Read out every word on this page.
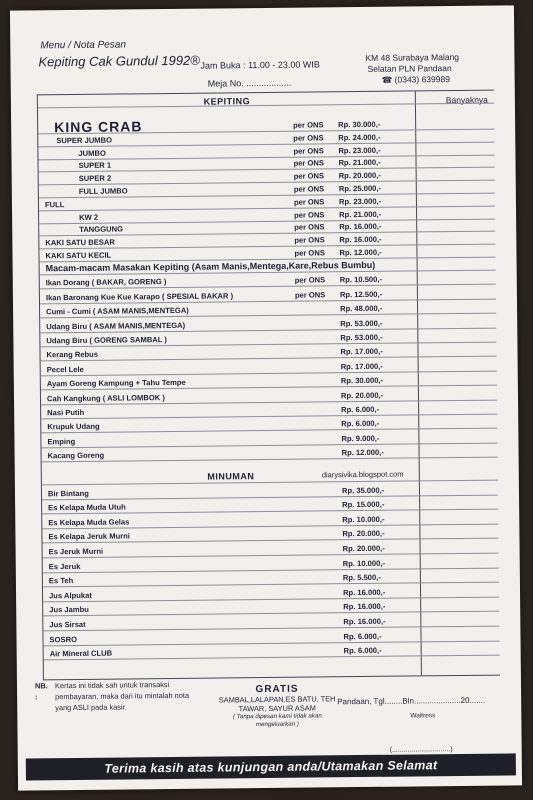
Menu / Nota Pesan
Kepiting Cak Gundul 1992® Jam Buka : 11.00 - 23.00 WIB
Meja No. ..................
KM 48 Surabaya Malang
Selatan PLN Pandaan
☎ (0343) 639989
KEPITING	Banyaknya
KING CRAB	per ONS Rp. 30.000,-
SUPER JUMBO	per ONS Rp. 24.000,-
JUMBO	per ONS Rp. 23.000,-
SUPER 1	per ONS Rp. 21.000,-
SUPER 2	per ONS Rp. 20.000,-
FULL JUMBO	per ONS Rp. 25.000,-
FULL	per ONS Rp. 23.000,-
KW 2	per ONS Rp. 21.000,-
TANGGUNG	per ONS Rp. 16.000,-
KAKI SATU BESAR	per ONS Rp. 16.000,-
KAKI SATU KECIL	per ONS Rp. 12.000,-
Macam-macam Masakan Kepiting (Asam Manis,Mentega,Kare,Rebus Bumbu)
Ikan Dorang ( BAKAR, GORENG )	per ONS Rp. 10.500,-
Ikan Baronang Kue Kue Karapo ( SPESIAL BAKAR )	per ONS Rp. 12.500,-
Cumi - Cumi ( ASAM MANIS,MENTEGA)	Rp. 48.000,-
Udang Biru ( ASAM MANIS,MENTEGA)	Rp. 53.000,-
Udang Biru ( GORENG SAMBAL )	Rp. 53.000,-
Kerang Rebus	Rp. 17.000,-
Pecel Lele	Rp. 17.000,-
Ayam Goreng Kampung + Tahu Tempe	Rp. 30.000,-
Cah Kangkung ( ASLI LOMBOK )	Rp. 20.000,-
Nasi Putih	Rp. 6.000,-
Krupuk Udang	Rp. 6.000,-
Emping	Rp. 9.000,-
Kacang Goreng	Rp. 12.000,-
MINUMAN	diarysivika.blogspot.com
Bir Bintang	Rp. 35.000,-
Es Kelapa Muda Utuh	Rp. 15.000,-
Es Kelapa Muda Gelas	Rp. 10.000,-
Es Kelapa Jeruk Murni	Rp. 20.000,-
Es Jeruk Murni	Rp. 20.000,-
Es Jeruk	Rp. 10.000,-
Es Teh	Rp. 5.500,-
Jus Alpukat	Rp. 16.000,-
Jus Jambu	Rp. 16.000,-
Jus Sirsat	Rp. 16.000,-
SOSRO	Rp. 6.000,-
Air Mineral CLUB	Rp. 6.000,-
NB. :
Kertas ini tidak sah untuk transaksi pembayaran, maka dari itu mintalah nota yang ASLI pada kasir.
GRATIS
SAMBAL,LALAPAN,ES BATU, TEH TAWAR, SAYUR ASAM
( Tanpa dipesan kami tidak akan mengeluarkan )
Pandaan, Tgl........Bln.....................20.......
Waitress
(..............................)
Terima kasih atas kunjungan anda/Utamakan Selamat
